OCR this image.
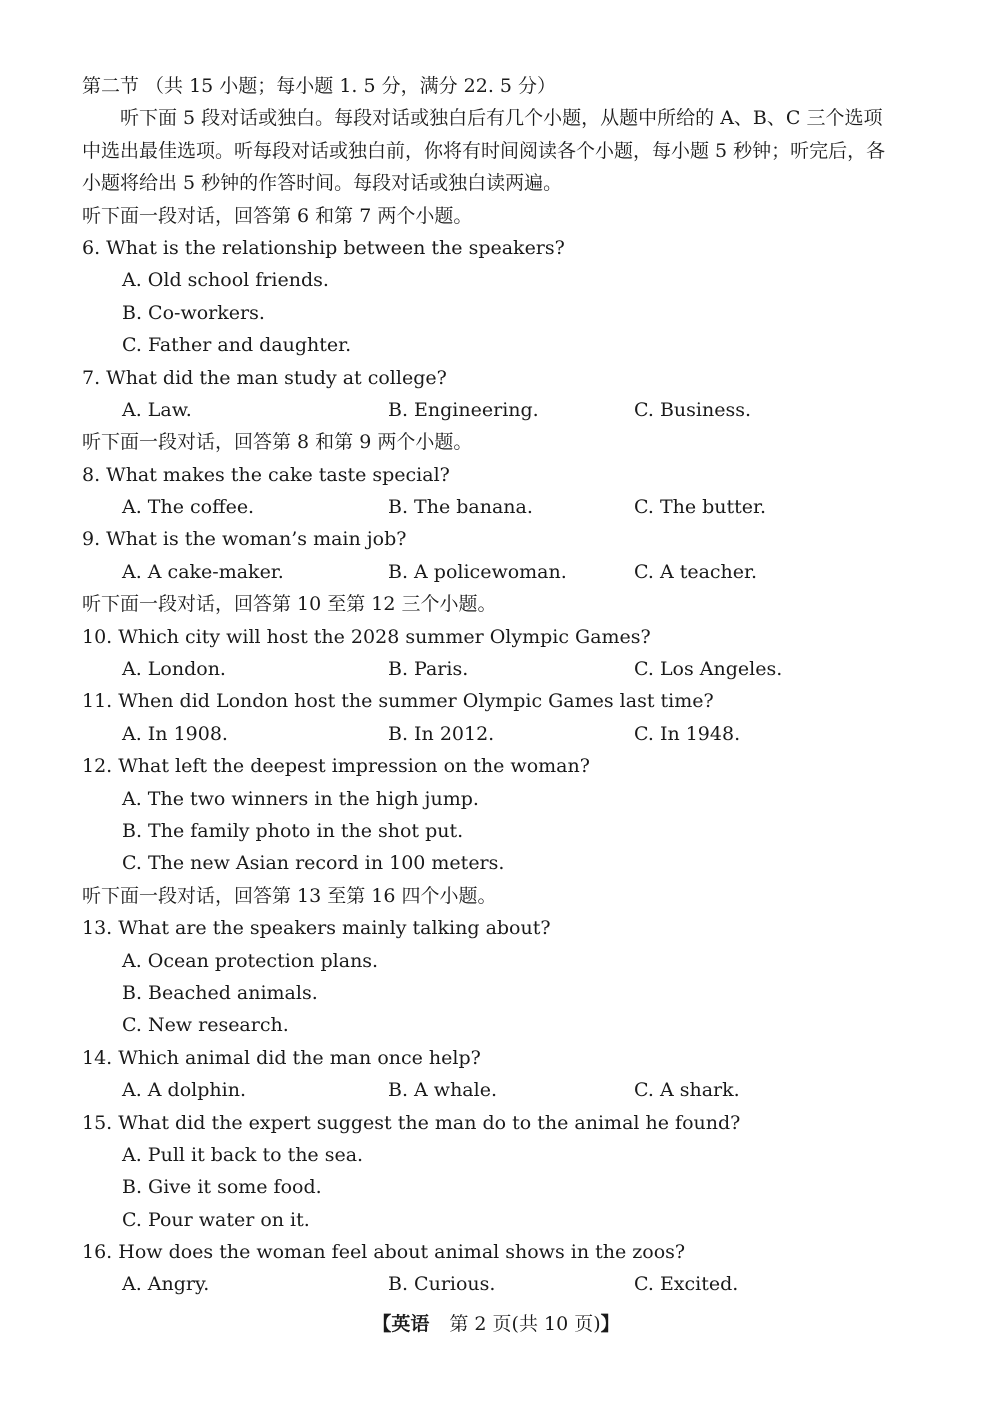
第二节 （共 15 小题；每小题 1. 5 分，满分 22. 5 分）
听下面 5 段对话或独白。每段对话或独白后有几个小题，从题中所给的 A、B、C 三个选项
中选出最佳选项。听每段对话或独白前，你将有时间阅读各个小题，每小题 5 秒钟；听完后，各
小题将给出 5 秒钟的作答时间。每段对话或独白读两遍。
听下面一段对话，回答第 6 和第 7 两个小题。
6. What is the relationship between the speakers?
A. Old school friends.
B. Co-workers.
C. Father and daughter.
7. What did the man study at college?
A. Law.	B. Engineering.	C. Business.
听下面一段对话，回答第 8 和第 9 两个小题。
8. What makes the cake taste special?
A. The coffee.	B. The banana.	C. The butter.
9. What is the woman’s main job?
A. A cake-maker.	B. A policewoman.	C. A teacher.
听下面一段对话，回答第 10 至第 12 三个小题。
10. Which city will host the 2028 summer Olympic Games?
A. London.	B. Paris.	C. Los Angeles.
11. When did London host the summer Olympic Games last time?
A. In 1908.	B. In 2012.	C. In 1948.
12. What left the deepest impression on the woman?
A. The two winners in the high jump.
B. The family photo in the shot put.
C. The new Asian record in 100 meters.
听下面一段对话，回答第 13 至第 16 四个小题。
13. What are the speakers mainly talking about?
A. Ocean protection plans.
B. Beached animals.
C. New research.
14. Which animal did the man once help?
A. A dolphin.	B. A whale.	C. A shark.
15. What did the expert suggest the man do to the animal he found?
A. Pull it back to the sea.
B. Give it some food.
C. Pour water on it.
16. How does the woman feel about animal shows in the zoos?
A. Angry.	B. Curious.	C. Excited.
【英语 第 2 页(共 10 页)】
